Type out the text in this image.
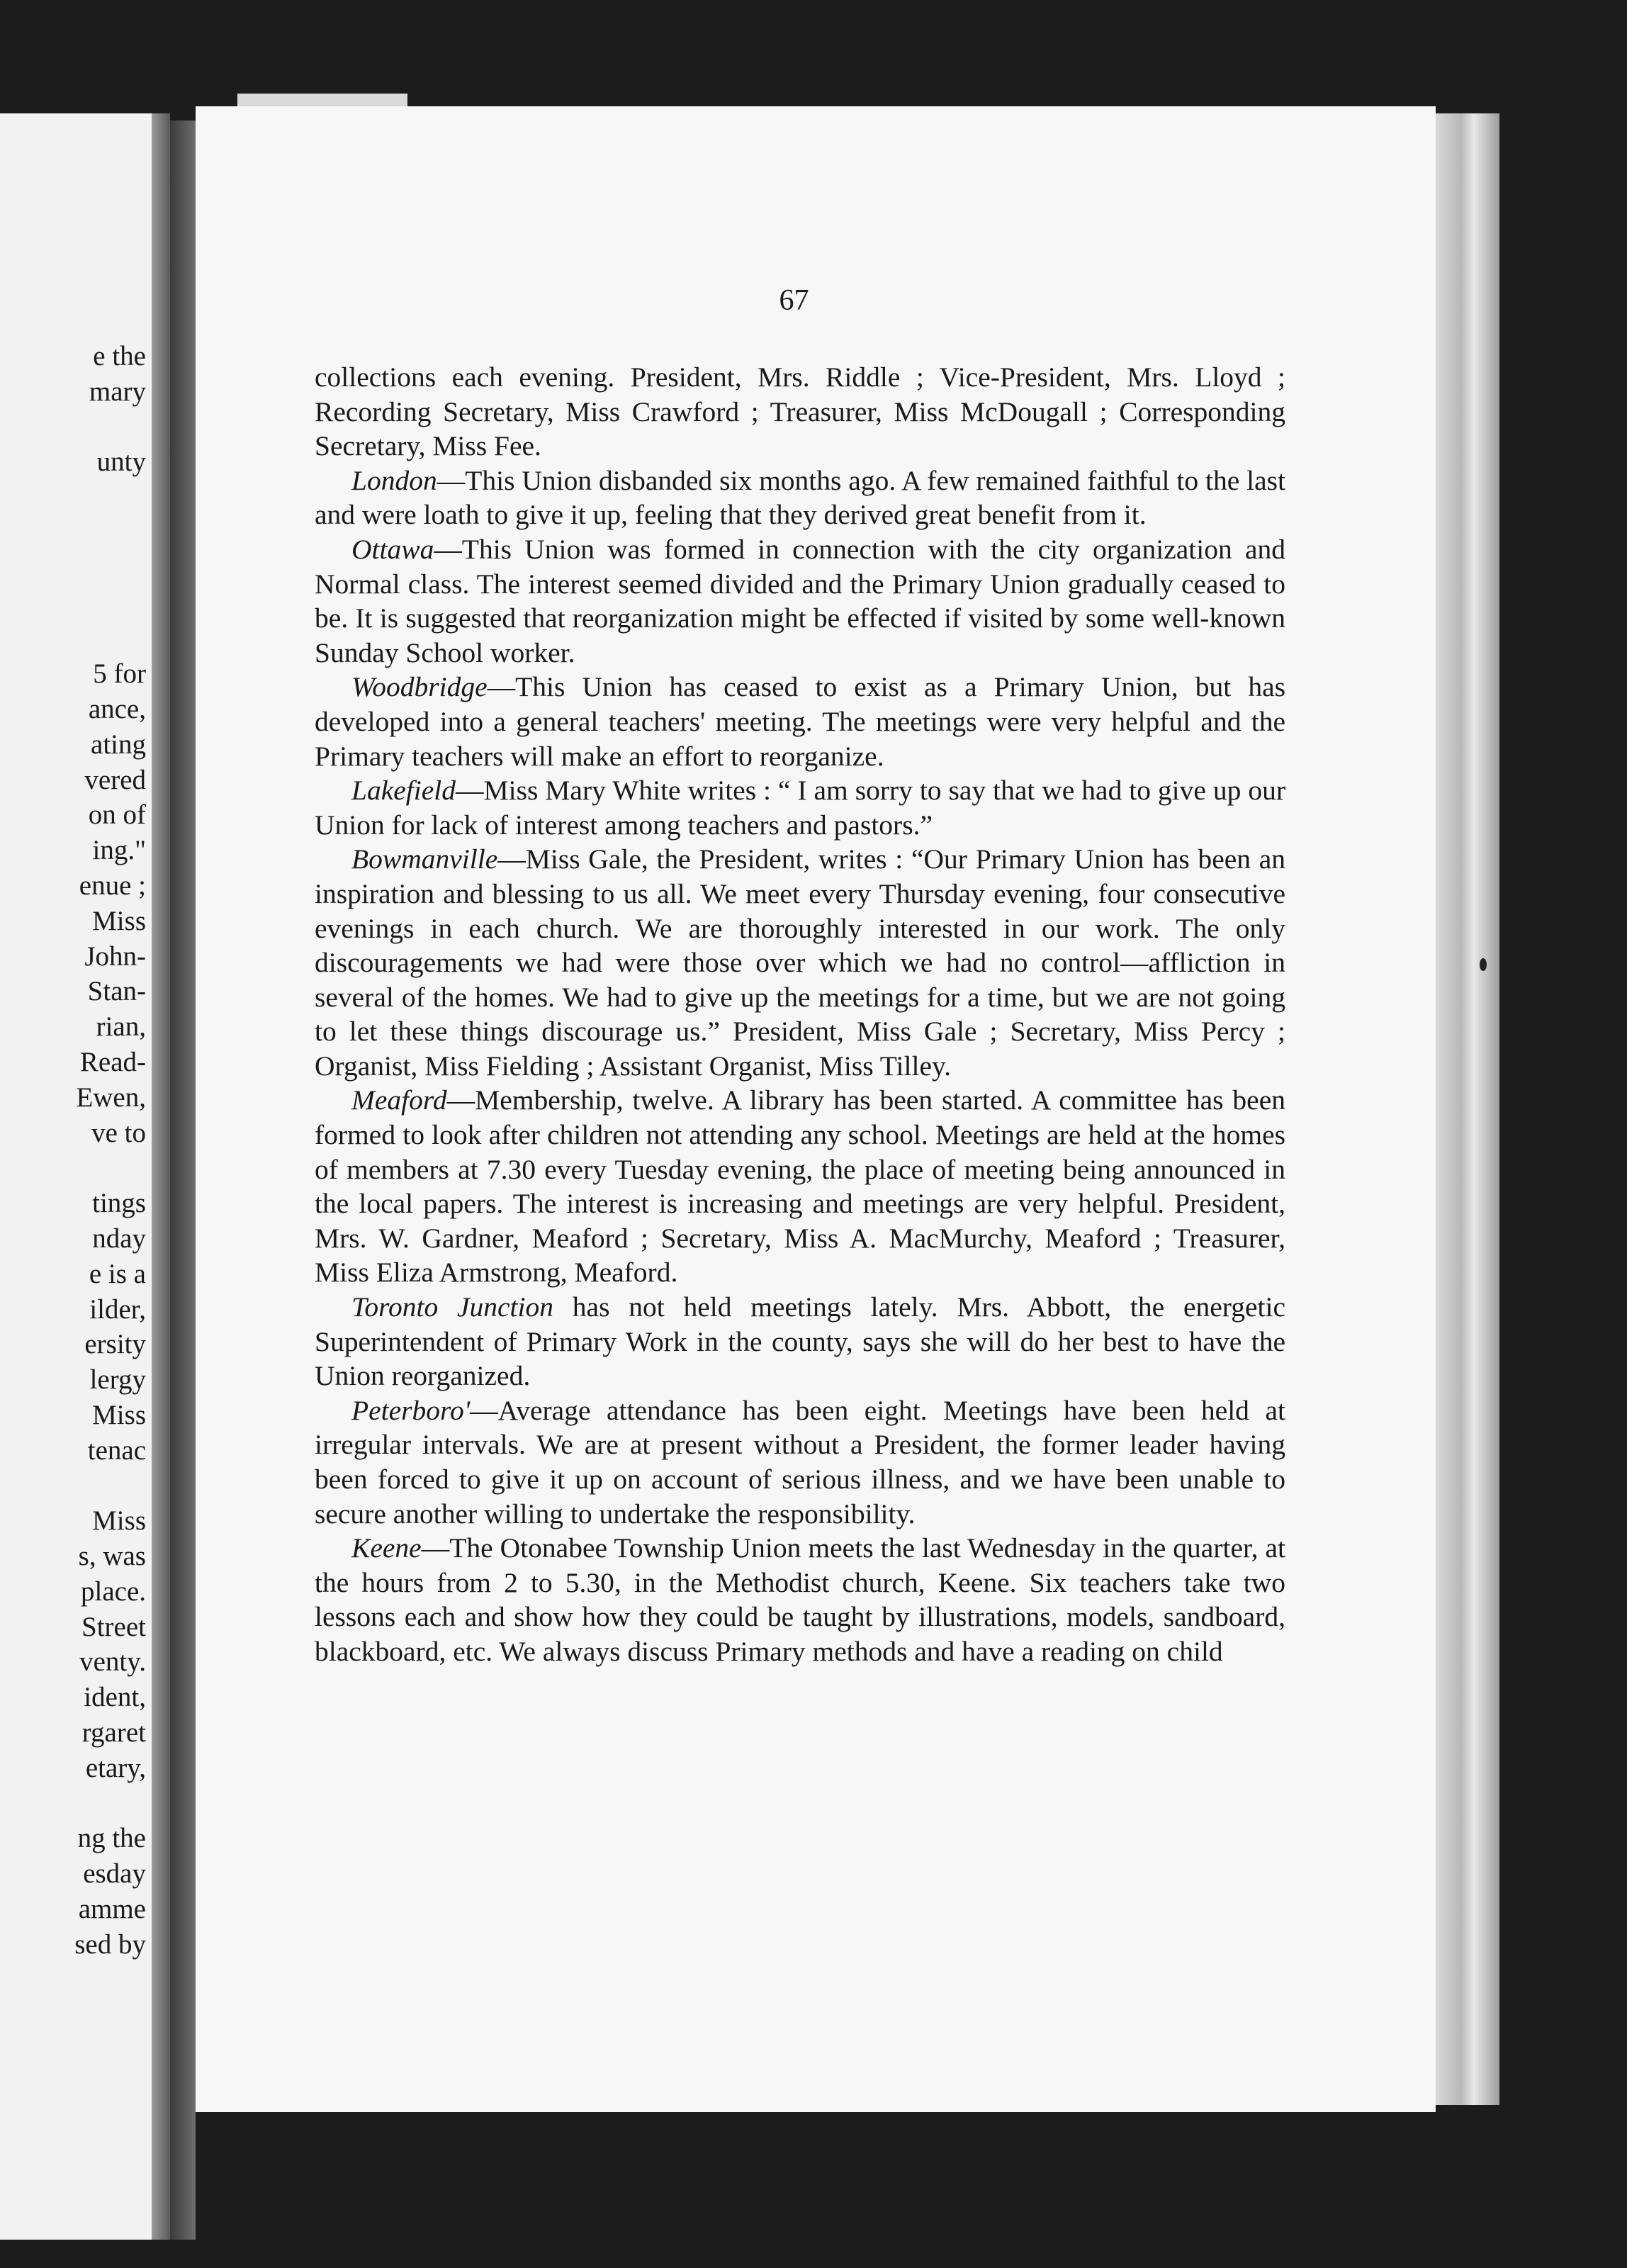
e the
mary
unty
5 for
ance,
ating
vered
on of
ing."
enue ;
Miss
John-
Stan-
rian,
Read-
Ewen,
ve to
tings
nday
e is a
ilder,
ersity
lergy
Miss
tenac
Miss
s, was
place.
Street
venty.
ident,
rgaret
etary,
ng the
esday
amme
sed by

67

collections each evening. President, Mrs. Riddle ; Vice-President, Mrs. Lloyd ; Recording Secretary, Miss Crawford ; Treasurer, Miss McDougall ; Corresponding Secretary, Miss Fee.

London—This Union disbanded six months ago. A few remained faithful to the last and were loath to give it up, feeling that they derived great benefit from it.

Ottawa—This Union was formed in connection with the city organization and Normal class. The interest seemed divided and the Primary Union gradually ceased to be. It is suggested that reorganization might be effected if visited by some well-known Sunday School worker.

Woodbridge—This Union has ceased to exist as a Primary Union, but has developed into a general teachers' meeting. The meetings were very helpful and the Primary teachers will make an effort to reorganize.

Lakefield—Miss Mary White writes : “ I am sorry to say that we had to give up our Union for lack of interest among teachers and pastors.”

Bowmanville—Miss Gale, the President, writes : “Our Primary Union has been an inspiration and blessing to us all. We meet every Thursday evening, four consecutive evenings in each church. We are thoroughly interested in our work. The only discouragements we had were those over which we had no control—affliction in several of the homes. We had to give up the meetings for a time, but we are not going to let these things discourage us.” President, Miss Gale ; Secretary, Miss Percy ; Organist, Miss Fielding ; Assistant Organist, Miss Tilley.

Meaford—Membership, twelve. A library has been started. A committee has been formed to look after children not attending any school. Meetings are held at the homes of members at 7.30 every Tuesday evening, the place of meeting being announced in the local papers. The interest is increasing and meetings are very helpful. President, Mrs. W. Gardner, Meaford ; Secretary, Miss A. MacMurchy, Meaford ; Treasurer, Miss Eliza Armstrong, Meaford.

Toronto Junction has not held meetings lately. Mrs. Abbott, the energetic Superintendent of Primary Work in the county, says she will do her best to have the Union reorganized.

Peterboro'—Average attendance has been eight. Meetings have been held at irregular intervals. We are at present without a President, the former leader having been forced to give it up on account of serious illness, and we have been unable to secure another willing to undertake the responsibility.

Keene—The Otonabee Township Union meets the last Wednesday in the quarter, at the hours from 2 to 5.30, in the Methodist church, Keene. Six teachers take two lessons each and show how they could be taught by illustrations, models, sandboard, blackboard, etc. We always discuss Primary methods and have a reading on child
